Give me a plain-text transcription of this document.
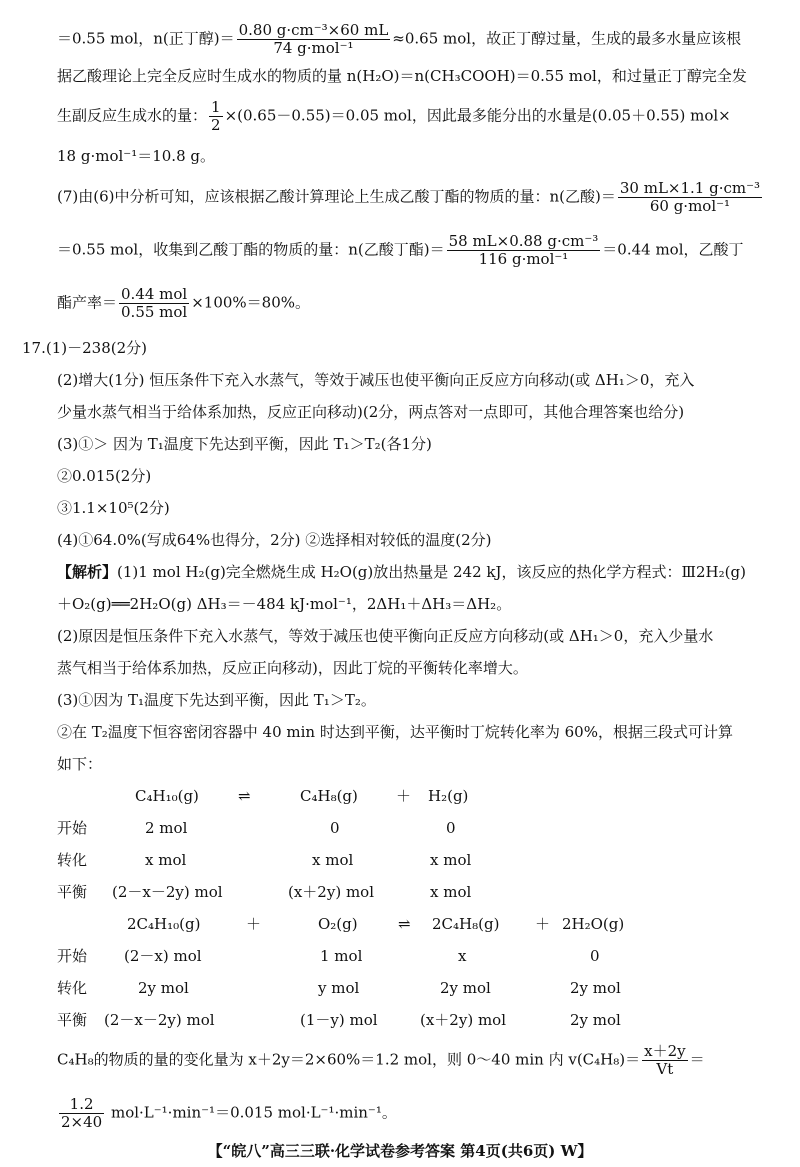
＝0.55 mol，n(正丁醇)＝ $\frac{\text{0.80 g·cm⁻³×60 mL}}{\text{74 g·mol⁻¹}} \approx 0.65$ mol，故正丁醇过量，生成的最多水量应该根
据乙酸理论上完全反应时生成水的物质的量 n(H₂O)＝n(CH₃COOH)＝0.55 mol，和过量正丁醇完全发
生副反应生成水的量： $\frac{1}{2} \times(0.65-0.55)=0.05$ mol，因此最多能分出的水量是(0.05＋0.55) mol×
18 g·mol⁻¹＝10.8 g。
(7)由(6)中分析可知，应该根据乙酸计算理论上生成乙酸丁酯的物质的量：n(乙酸)＝ $\frac{\text{30 mL×1.1 g·cm⁻³}}{\text{60 g·mol⁻¹}}$
＝0.55 mol，收集到乙酸丁酯的物质的量：n(乙酸丁酯)＝ $\frac{\text{58 mL×0.88 g·cm⁻³}}{\text{116 g·mol⁻¹}} =0.44$ mol，乙酸丁
酯产率＝ $\frac{\text{0.44 mol}}{\text{0.55 mol}} \times 100\%=80\%$。
17.(1)－238(2分)
(2)增大(1分) 恒压条件下充入水蒸气，等效于减压也使平衡向正反应方向移动(或 ΔH₁＞0，充入
少量水蒸气相当于给体系加热，反应正向移动)(2分，两点答对一点即可，其他合理答案也给分)
(3)①＞ 因为 T₁温度下先达到平衡，因此 T₁＞T₂(各1分)
②0.015(2分)
③1.1×10⁵(2分)
(4)①64.0%(写成64%也得分，2分) ②选择相对较低的温度(2分)
【解析】(1)1 mol H₂(g)完全燃烧生成 H₂O(g)放出热量是 242 kJ，该反应的热化学方程式：Ⅲ2H₂(g)
＋O₂(g)══2H₂O(g) ΔH₃＝－484 kJ·mol⁻¹，2ΔH₁＋ΔH₃＝ΔH₂。
(2)原因是恒压条件下充入水蒸气，等效于减压也使平衡向正反应方向移动(或 ΔH₁＞0，充入少量水
蒸气相当于给体系加热，反应正向移动)，因此丁烷的平衡转化率增大。
(3)①因为 T₁温度下先达到平衡，因此 T₁＞T₂。
②在 T₂温度下恒容密闭容器中 40 min 时达到平衡，达平衡时丁烷转化率为 60%，根据三段式可计算
如下：
C₄H₁₀(g)	⇌	C₄H₈(g)	＋ H₂(g)
开始	2 mol	0	0
转化	x mol	x mol	x mol
平衡 (2－x－2y) mol	(x＋2y) mol	x mol
2C₄H₁₀(g)	＋	O₂(g)	⇌ 2C₄H₈(g) ＋ 2H₂O(g)
开始 (2－x) mol	1 mol	x	0
转化	2y mol	y mol	2y mol	2y mol
平衡 (2－x－2y) mol	(1－y) mol	(x＋2y) mol	2y mol
C₄H₈的物质的量的变化量为 x＋2y＝2×60%＝1.2 mol，则 0～40 min 内 $v(C_4H_8)= \frac{x+2y}{Vt}$ ＝
$\frac{1.2}{2\times 40} mol\cdot L^{-1}\cdot\min^{-1}=0.015$ mol·L⁻¹·min⁻¹。
【“皖八”高三三联·化学试卷参考答案 第4页(共6页) W】
